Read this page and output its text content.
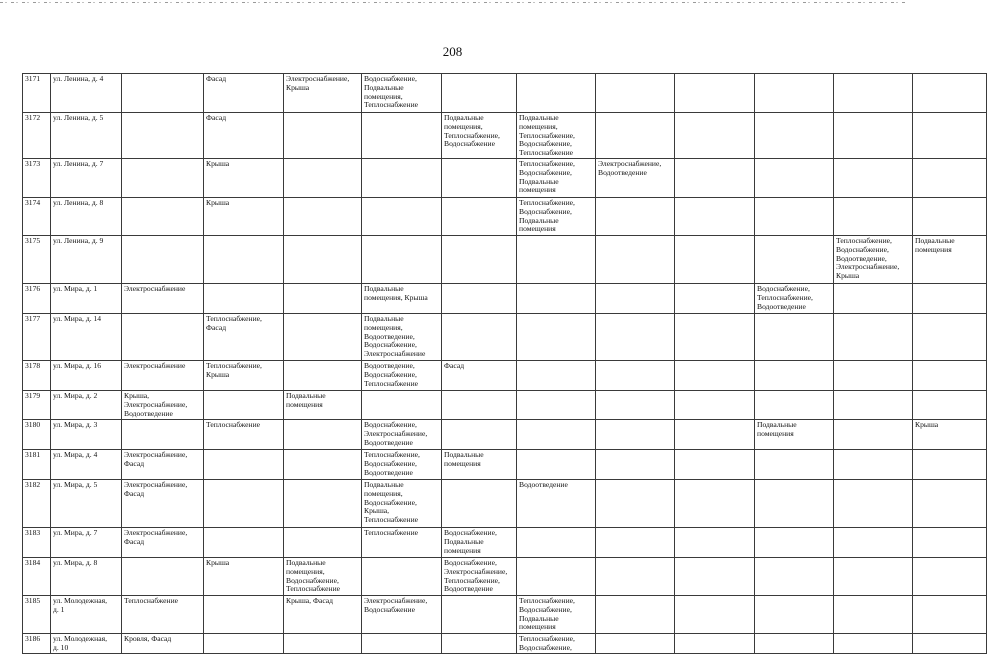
208
3171	ул. Ленина, д. 4		Фасад	Электроснабжение,
Крыша	Водоснабжение,
Подвальные
помещения,
Теплоснабжение							
3172	ул. Ленина, д. 5		Фасад			Подвальные
помещения,
Теплоснабжение,
Водоснабжение	Подвальные
помещения,
Теплоснабжение,
Водоснабжение,
Теплоснабжение					
3173	ул. Ленина, д. 7		Крыша				Теплоснабжение,
Водоснабжение,
Подвальные
помещения	Электроснабжение,
Водоотведение				
3174	ул. Ленина, д. 8		Крыша				Теплоснабжение,
Водоснабжение,
Подвальные
помещения					
3175	ул. Ленина, д. 9										Теплоснабжение,
Водоснабжение,
Водоотведение,
Электроснабжение,
Крыша	Подвальные
помещения
3176	ул. Мира, д. 1	Электроснабжение			Подвальные
помещения, Крыша					Водоснабжение,
Теплоснабжение,
Водоотведение		
3177	ул. Мира, д. 14		Теплоснабжение,
Фасад		Подвальные
помещения,
Водоотведение,
Водоснабжение,
Электроснабжение							
3178	ул. Мира, д. 16	Электроснабжение	Теплоснабжение,
Крыша		Водоотведение,
Водоснабжение,
Теплоснабжение	Фасад						
3179	ул. Мира, д. 2	Крыша,
Электроснабжение,
Водоотведение		Подвальные
помещения								
3180	ул. Мира, д. 3		Теплоснабжение		Водоснабжение,
Электроснабжение,
Водоотведение					Подвальные
помещения		Крыша
3181	ул. Мира, д. 4	Электроснабжение,
Фасад			Теплоснабжение,
Водоснабжение,
Водоотведение	Подвальные
помещения						
3182	ул. Мира, д. 5	Электроснабжение,
Фасад			Подвальные
помещения,
Водоснабжение,
Крыша,
Теплоснабжение		Водоотведение					
3183	ул. Мира, д. 7	Электроснабжение,
Фасад			Теплоснабжение	Водоснабжение,
Подвальные
помещения						
3184	ул. Мира, д. 8		Крыша	Подвальные
помещения,
Водоснабжение,
Теплоснабжение		Водоснабжение,
Электроснабжение,
Теплоснабжение,
Водоотведение						
3185	ул. Молодежная,
д. 1	Теплоснабжение		Крыша, Фасад	Электроснабжение,
Водоснабжение		Теплоснабжение,
Водоснабжение,
Подвальные
помещения					
3186	ул. Молодежная,
д. 10	Кровля, Фасад					Теплоснабжение,
Водоснабжение,					
